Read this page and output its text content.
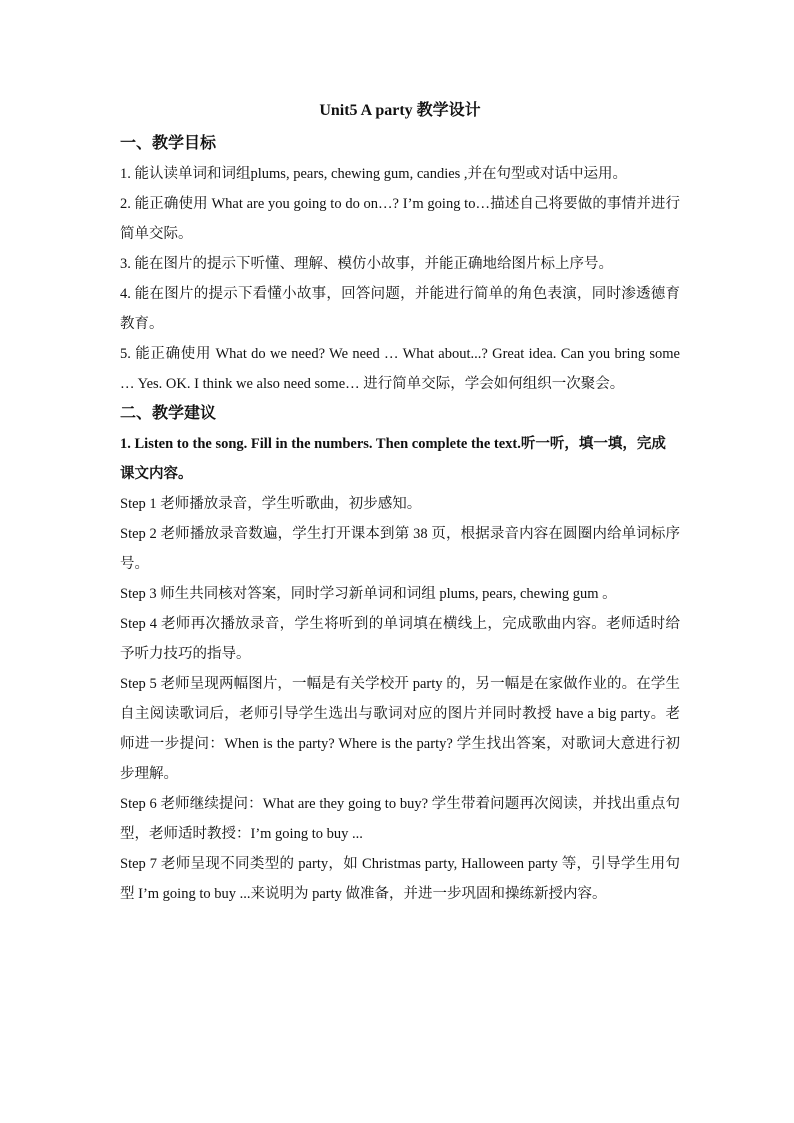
Unit5 A party 教学设计

一、教学目标

1. 能认读单词和词组plums, pears, chewing gum, candies ,并在句型或对话中运用。

2. 能正确使用 What are you going to do on…? I’m going to…描述自己将要做的事情并进行简单交际。

3. 能在图片的提示下听懂、理解、模仿小故事，并能正确地给图片标上序号。

4. 能在图片的提示下看懂小故事，回答问题，并能进行简单的角色表演，同时渗透德育教育。

5. 能正确使用 What do we need? We need … What about...? Great idea. Can you bring some … Yes. OK. I think we also need some… 进行简单交际，学会如何组织一次聚会。

二、教学建议

1. Listen to the song. Fill in the numbers. Then complete the text.听一听，填一填，完成课文内容。

Step 1 老师播放录音，学生听歌曲，初步感知。

Step 2 老师播放录音数遍，学生打开课本到第 38 页，根据录音内容在圆圈内给单词标序号。

Step 3 师生共同核对答案，同时学习新单词和词组 plums, pears, chewing gum 。

Step 4 老师再次播放录音，学生将听到的单词填在横线上，完成歌曲内容。老师适时给予听力技巧的指导。

Step 5 老师呈现两幅图片，一幅是有关学校开 party 的，另一幅是在家做作业的。在学生自主阅读歌词后，老师引导学生选出与歌词对应的图片并同时教授 have a big party。老师进一步提问：When is the party? Where is the party? 学生找出答案，对歌词大意进行初步理解。

Step 6 老师继续提问：What are they going to buy? 学生带着问题再次阅读，并找出重点句型，老师适时教授：I’m going to buy ...

Step 7 老师呈现不同类型的 party，如 Christmas party, Halloween party 等，引导学生用句型 I’m going to buy ...来说明为 party 做准备，并进一步巩固和操练新授内容。
